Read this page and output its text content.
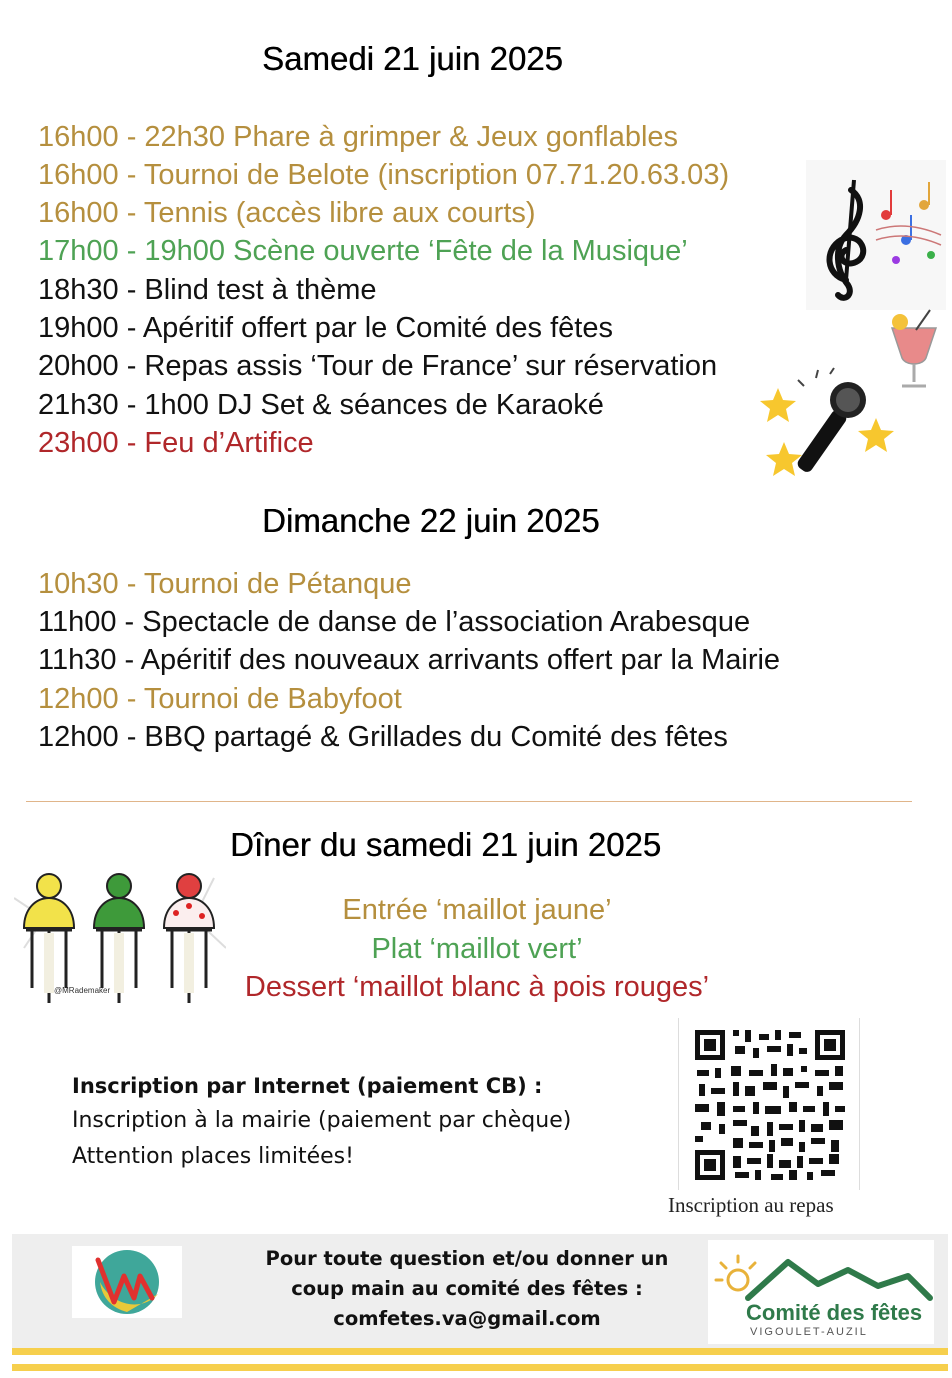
Samedi 21 juin 2025
16h00 - 22h30 Phare à grimper & Jeux gonflables
16h00 - Tournoi de Belote (inscription 07.71.20.63.03)
16h00 - Tennis (accès libre aux courts)
17h00 - 19h00 Scène ouverte ‘Fête de la Musique’
18h30 - Blind test à thème
19h00 - Apéritif offert par le Comité des fêtes
20h00 - Repas assis ‘Tour de France’ sur réservation
21h30 - 1h00 DJ Set & séances de Karaoké
23h00 - Feu d’Artifice
Dimanche 22 juin 2025
10h30 - Tournoi de Pétanque
11h00 - Spectacle de danse de l’association Arabesque
11h30 - Apéritif des nouveaux arrivants offert par la Mairie
12h00 - Tournoi de Babyfoot
12h00 - BBQ partagé & Grillades du Comité des fêtes
Dîner du samedi 21 juin 2025
@MRademaker
Entrée ‘maillot jaune’
Plat ‘maillot vert’
Dessert ‘maillot blanc à pois rouges’
Inscription par Internet (paiement CB) :
Inscription à la mairie (paiement par chèque)
Attention places limitées!
Inscription au repas
Pour toute question et/ou donner un
coup main au comité des fêtes :
comfetes.va@gmail.com	Comité des fêtes
VIGOULET-AUZIL
